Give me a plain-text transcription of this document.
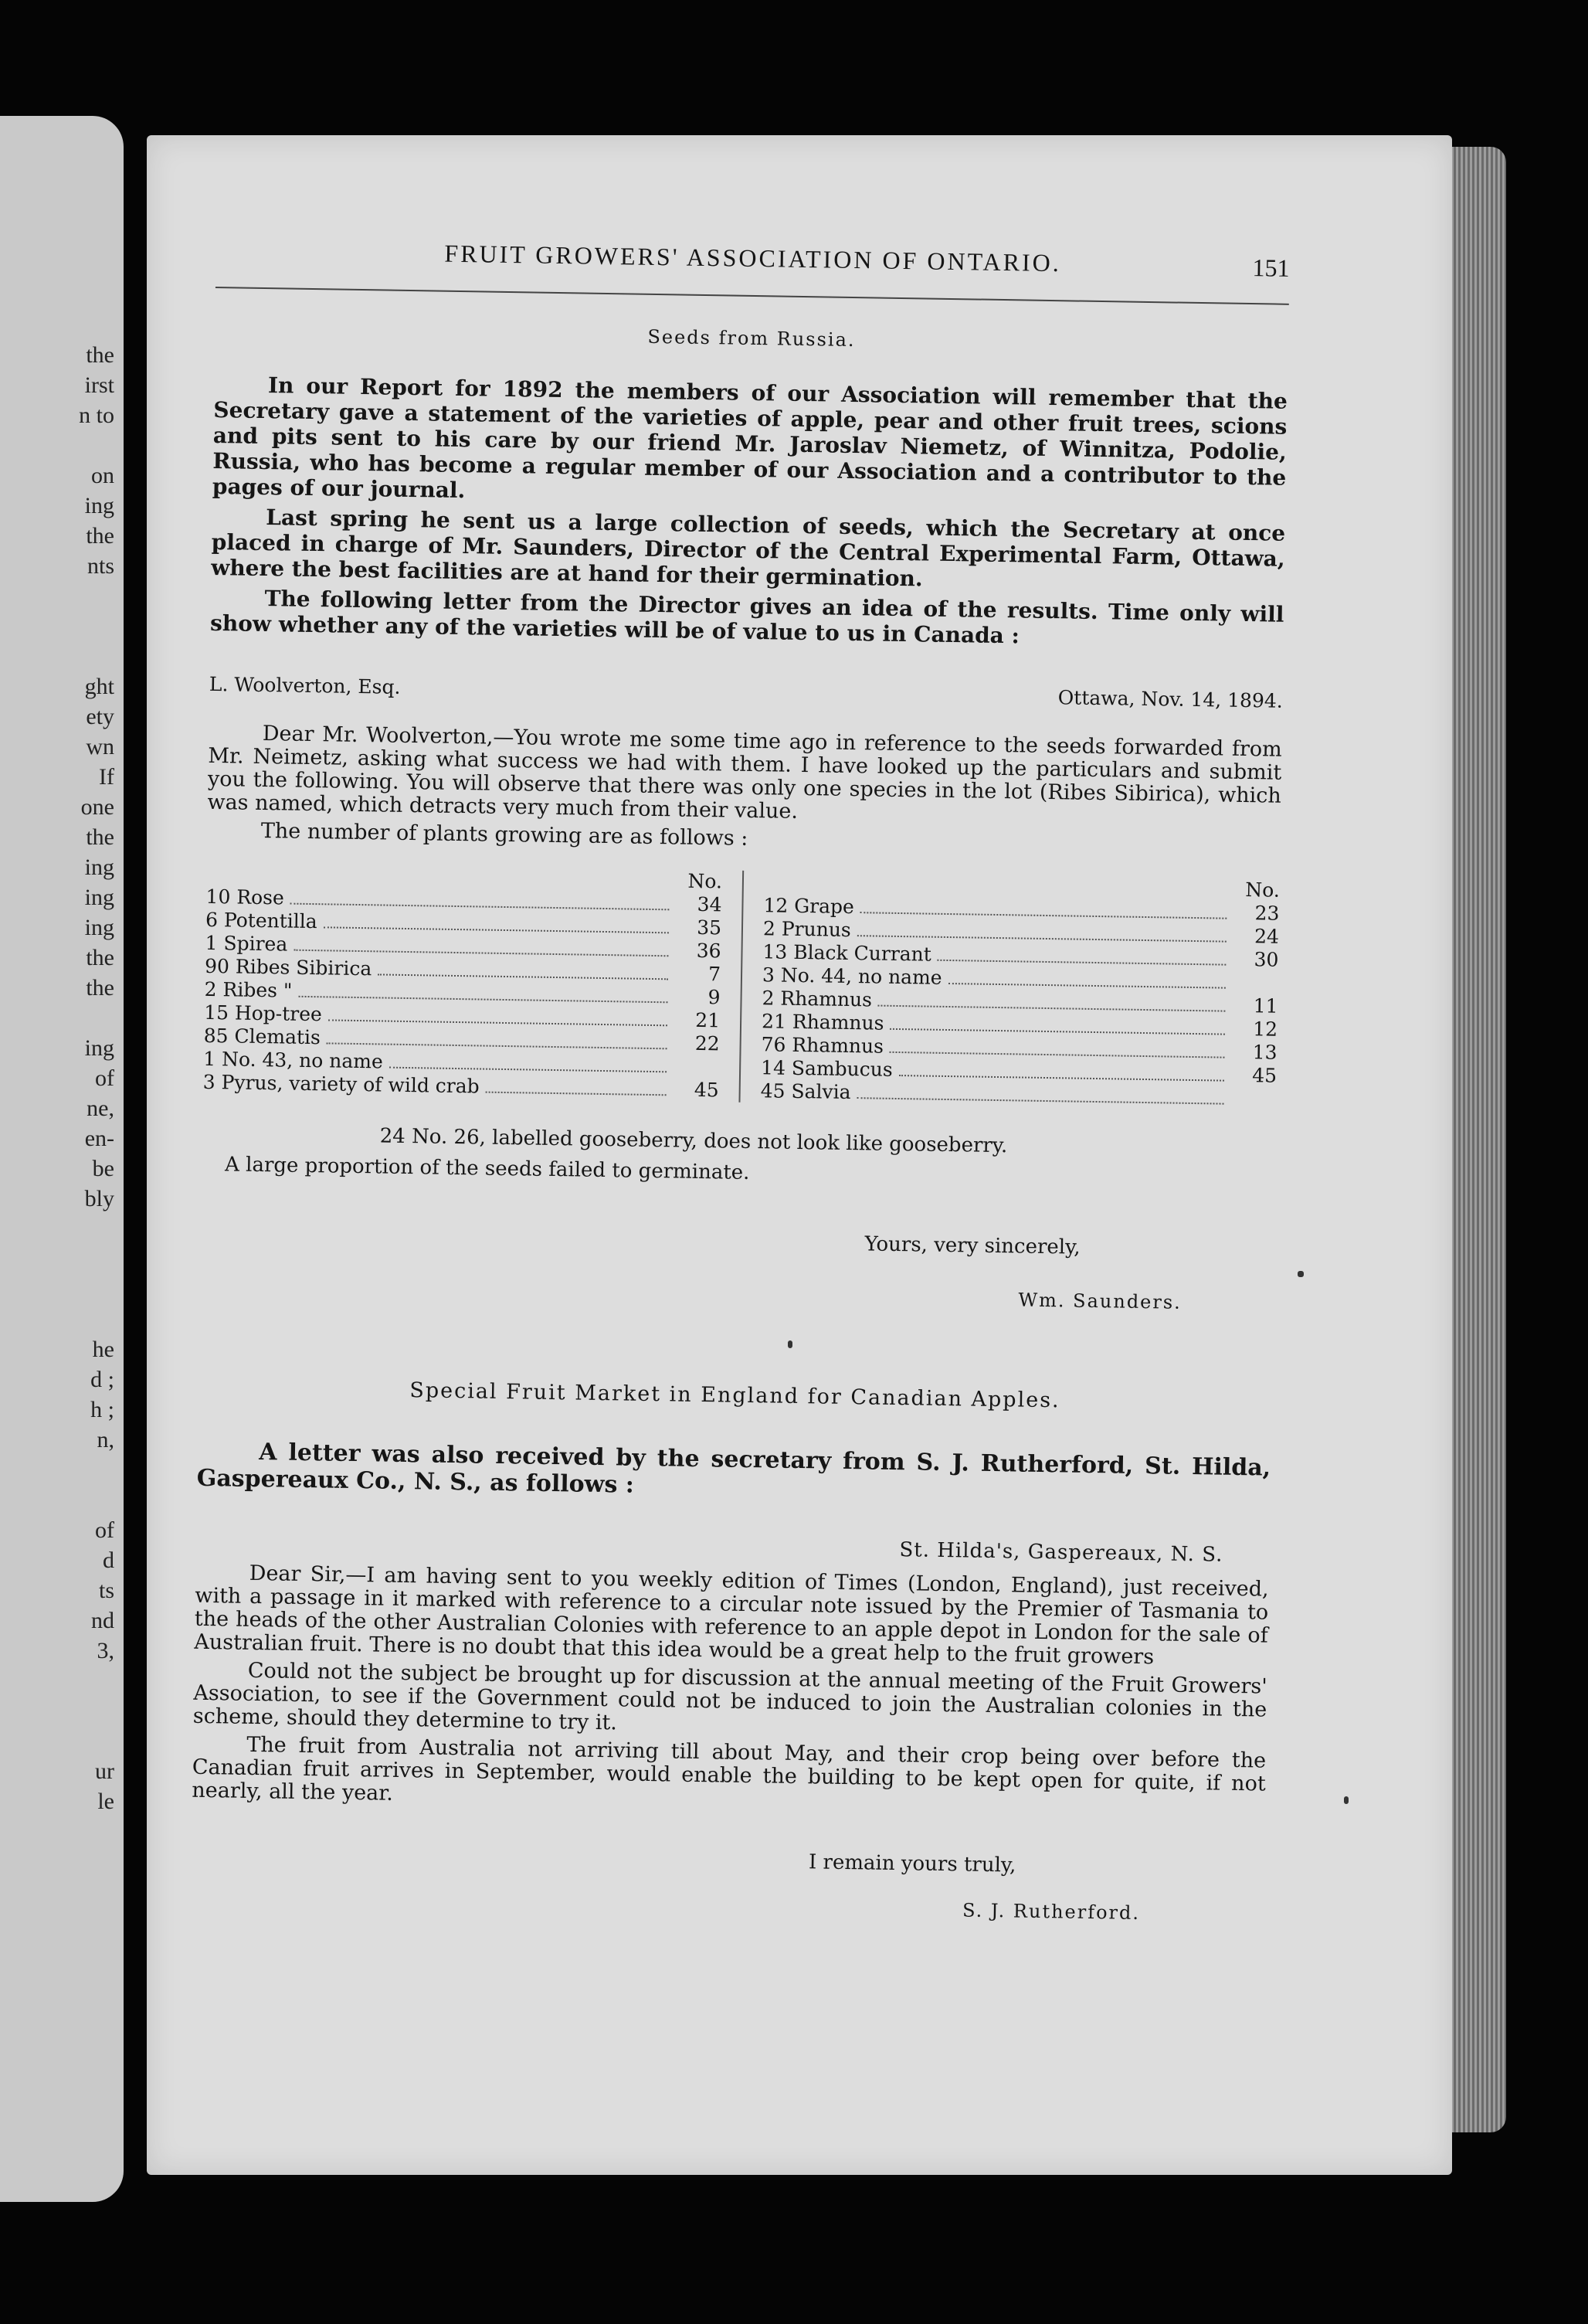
the
irst
n to
on
ing
the
nts
ght
ety
wn
If
one
the
ing
ing
ing
the
the
ing
of
ne,
en-
be
bly
he
d ;
h ;
n,
of
d
ts
nd
3,
ur
le
FRUIT GROWERS' ASSOCIATION OF ONTARIO.	151
Seeds from Russia.

In our Report for 1892 the members of our Association will remember that the Secretary gave a statement of the varieties of apple, pear and other fruit trees, scions and pits sent to his care by our friend Mr. Jaroslav Niemetz, of Winnitza, Podolie, Russia, who has become a regular member of our Association and a contributor to the pages of our journal.

Last spring he sent us a large collection of seeds, which the Secretary at once placed in charge of Mr. Saunders, Director of the Central Experimental Farm, Ottawa, where the best facilities are at hand for their germination.

The following letter from the Director gives an idea of the results. Time only will show whether any of the varieties will be of value to us in Canada :

L. Woolverton, Esq.
Ottawa, Nov. 14, 1894.

Dear Mr. Woolverton,—You wrote me some time ago in reference to the seeds forwarded from Mr. Neimetz, asking what success we had with them. I have looked up the particulars and submit you the following. You will observe that there was only one species in the lot (Ribes Sibirica), which was named, which detracts very much from their value.

The number of plants growing are as follows :

No.
10 Rose	34
6 Potentilla	35
1 Spirea	36
90 Ribes Sibirica	7
2 Ribes "	9
15 Hop-tree	21
85 Clematis	22
1 No. 43, no name
3 Pyrus, variety of wild crab	45
No.
12 Grape	23
2 Prunus	24
13 Black Currant	30
3 No. 44, no name
2 Rhamnus	11
21 Rhamnus	12
76 Rhamnus	13
14 Sambucus	45
45 Salvia
24 No. 26, labelled gooseberry, does not look like gooseberry.
A large proportion of the seeds failed to germinate.
Yours, very sincerely,
Wm. Saunders.
Special Fruit Market in England for Canadian Apples.

A letter was also received by the secretary from S. J. Rutherford, St. Hilda, Gaspereaux Co., N. S., as follows :

St. Hilda's, Gaspereaux, N. S.

Dear Sir,—I am having sent to you weekly edition of Times (London, England), just received, with a passage in it marked with reference to a circular note issued by the Premier of Tasmania to the heads of the other Australian Colonies with reference to an apple depot in London for the sale of Australian fruit. There is no doubt that this idea would be a great help to the fruit growers

Could not the subject be brought up for discussion at the annual meeting of the Fruit Growers' Association, to see if the Government could not be induced to join the Australian colonies in the scheme, should they determine to try it.

The fruit from Australia not arriving till about May, and their crop being over before the Canadian fruit arrives in September, would enable the building to be kept open for quite, if not nearly, all the year.

I remain yours truly,
S. J. Rutherford.
